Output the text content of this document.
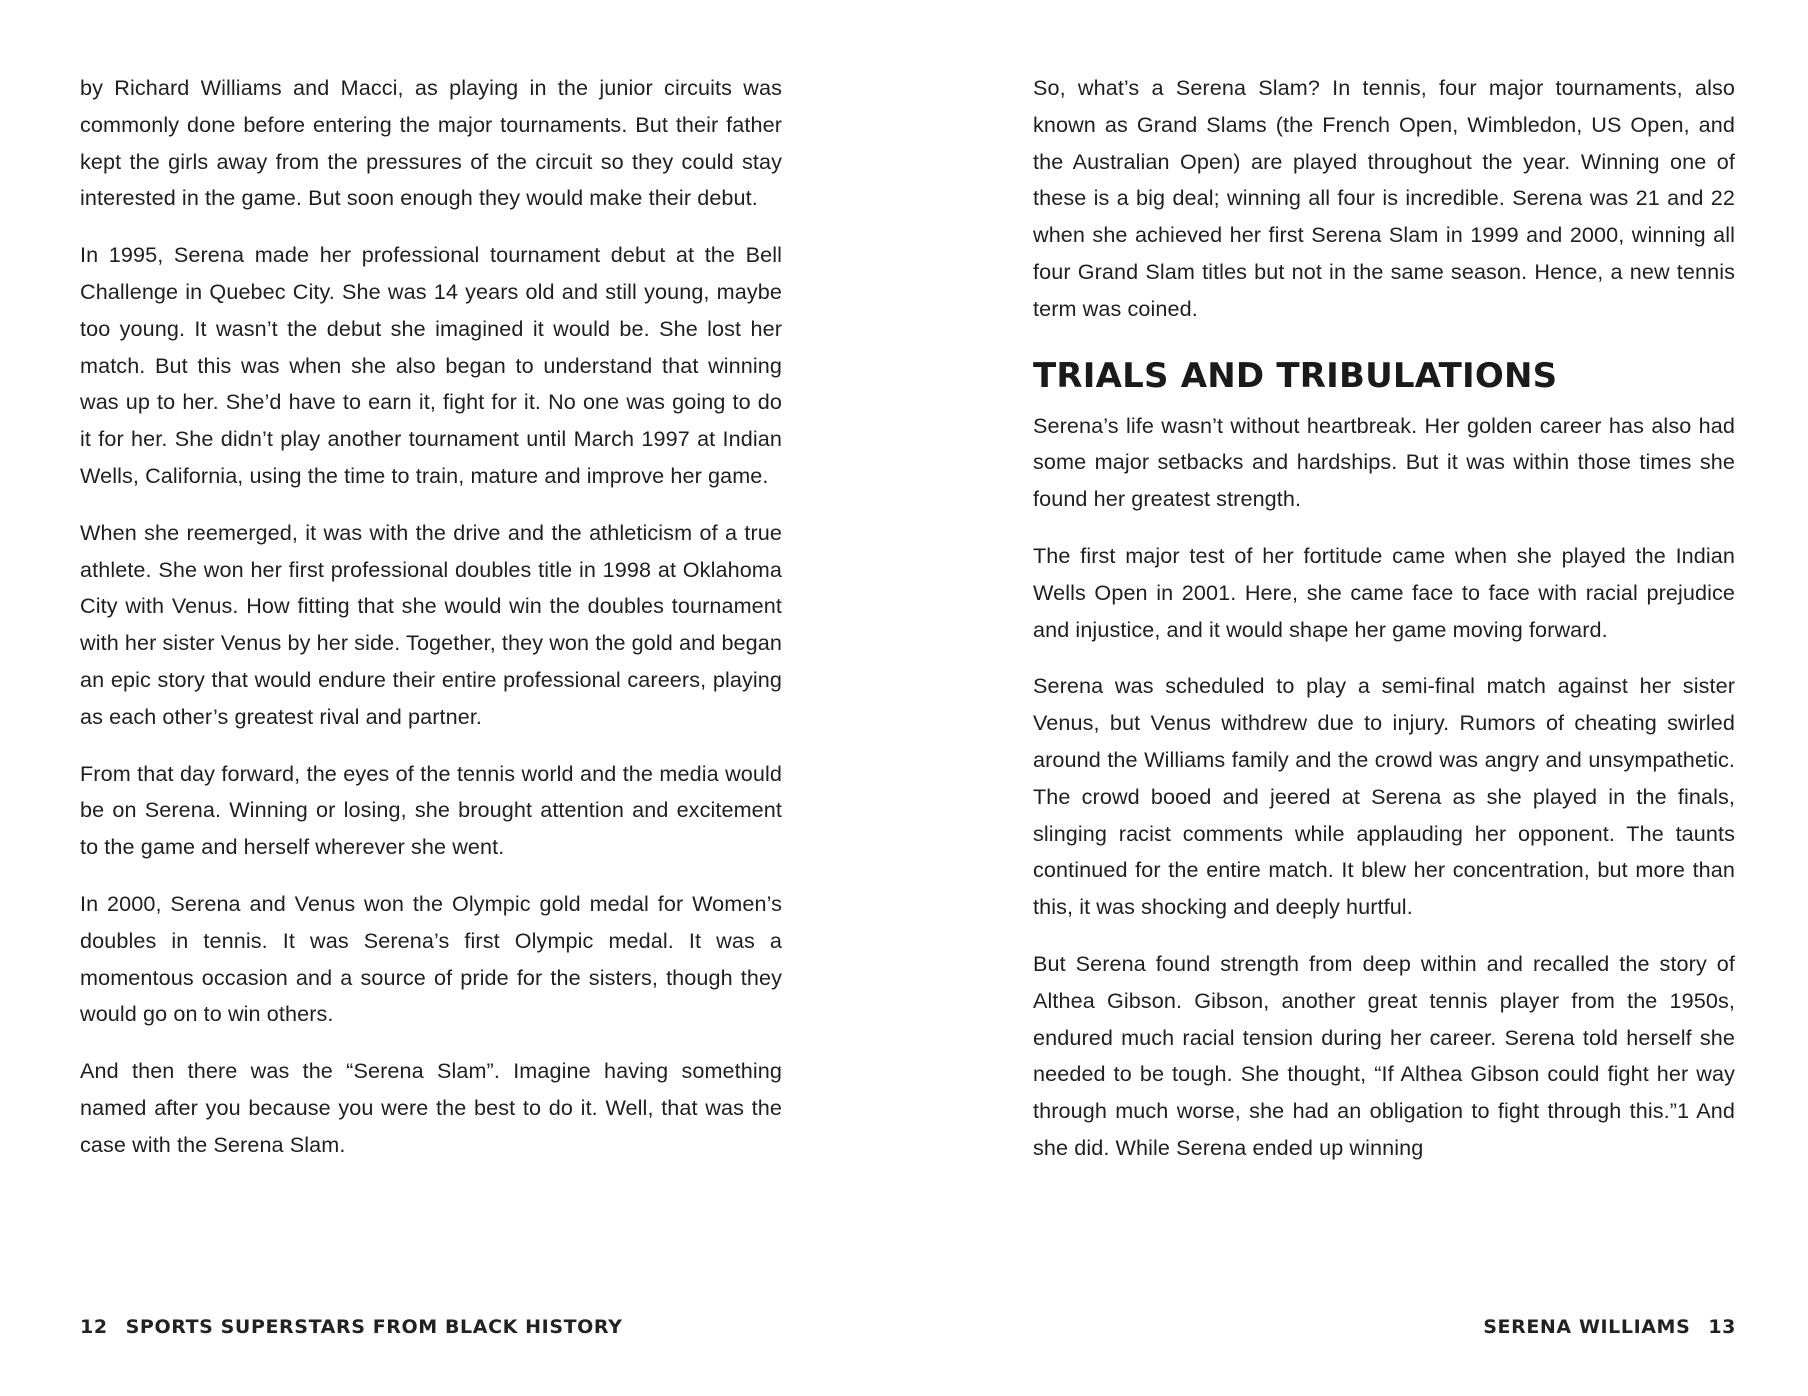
by Richard Williams and Macci, as playing in the junior circuits was commonly done before entering the major tournaments. But their father kept the girls away from the pressures of the circuit so they could stay interested in the game. But soon enough they would make their debut.

In 1995, Serena made her professional tournament debut at the Bell Challenge in Quebec City. She was 14 years old and still young, maybe too young. It wasn’t the debut she imagined it would be. She lost her match. But this was when she also began to understand that winning was up to her. She’d have to earn it, fight for it. No one was going to do it for her. She didn’t play another tournament until March 1997 at Indian Wells, California, using the time to train, mature and improve her game.

When she reemerged, it was with the drive and the athleticism of a true athlete. She won her first professional doubles title in 1998 at Oklahoma City with Venus. How fitting that she would win the doubles tournament with her sister Venus by her side. Together, they won the gold and began an epic story that would endure their entire professional careers, playing as each other’s greatest rival and partner.

From that day forward, the eyes of the tennis world and the media would be on Serena. Winning or losing, she brought attention and excitement to the game and herself wherever she went.

In 2000, Serena and Venus won the Olympic gold medal for Women’s doubles in tennis. It was Serena’s first Olympic medal. It was a momentous occasion and a source of pride for the sisters, though they would go on to win others.

And then there was the “Serena Slam”. Imagine having something named after you because you were the best to do it. Well, that was the case with the Serena Slam.

12 SPORTS SUPERSTARS FROM BLACK HISTORY

So, what’s a Serena Slam? In tennis, four major tournaments, also known as Grand Slams (the French Open, Wimbledon, US Open, and the Australian Open) are played throughout the year. Winning one of these is a big deal; winning all four is incredible. Serena was 21 and 22 when she achieved her first Serena Slam in 1999 and 2000, winning all four Grand Slam titles but not in the same season. Hence, a new tennis term was coined.

TRIALS AND TRIBULATIONS

Serena’s life wasn’t without heartbreak. Her golden career has also had some major setbacks and hardships. But it was within those times she found her greatest strength.

The first major test of her fortitude came when she played the Indian Wells Open in 2001. Here, she came face to face with racial prejudice and injustice, and it would shape her game moving forward.

Serena was scheduled to play a semi-final match against her sister Venus, but Venus withdrew due to injury. Rumors of cheating swirled around the Williams family and the crowd was angry and unsympathetic. The crowd booed and jeered at Serena as she played in the finals, slinging racist comments while applauding her opponent. The taunts continued for the entire match. It blew her concentration, but more than this, it was shocking and deeply hurtful.

But Serena found strength from deep within and recalled the story of Althea Gibson. Gibson, another great tennis player from the 1950s, endured much racial tension during her career. Serena told herself she needed to be tough. She thought, “If Althea Gibson could fight her way through much worse, she had an obligation to fight through this.”1 And she did. While Serena ended up winning

SERENA WILLIAMS 13
